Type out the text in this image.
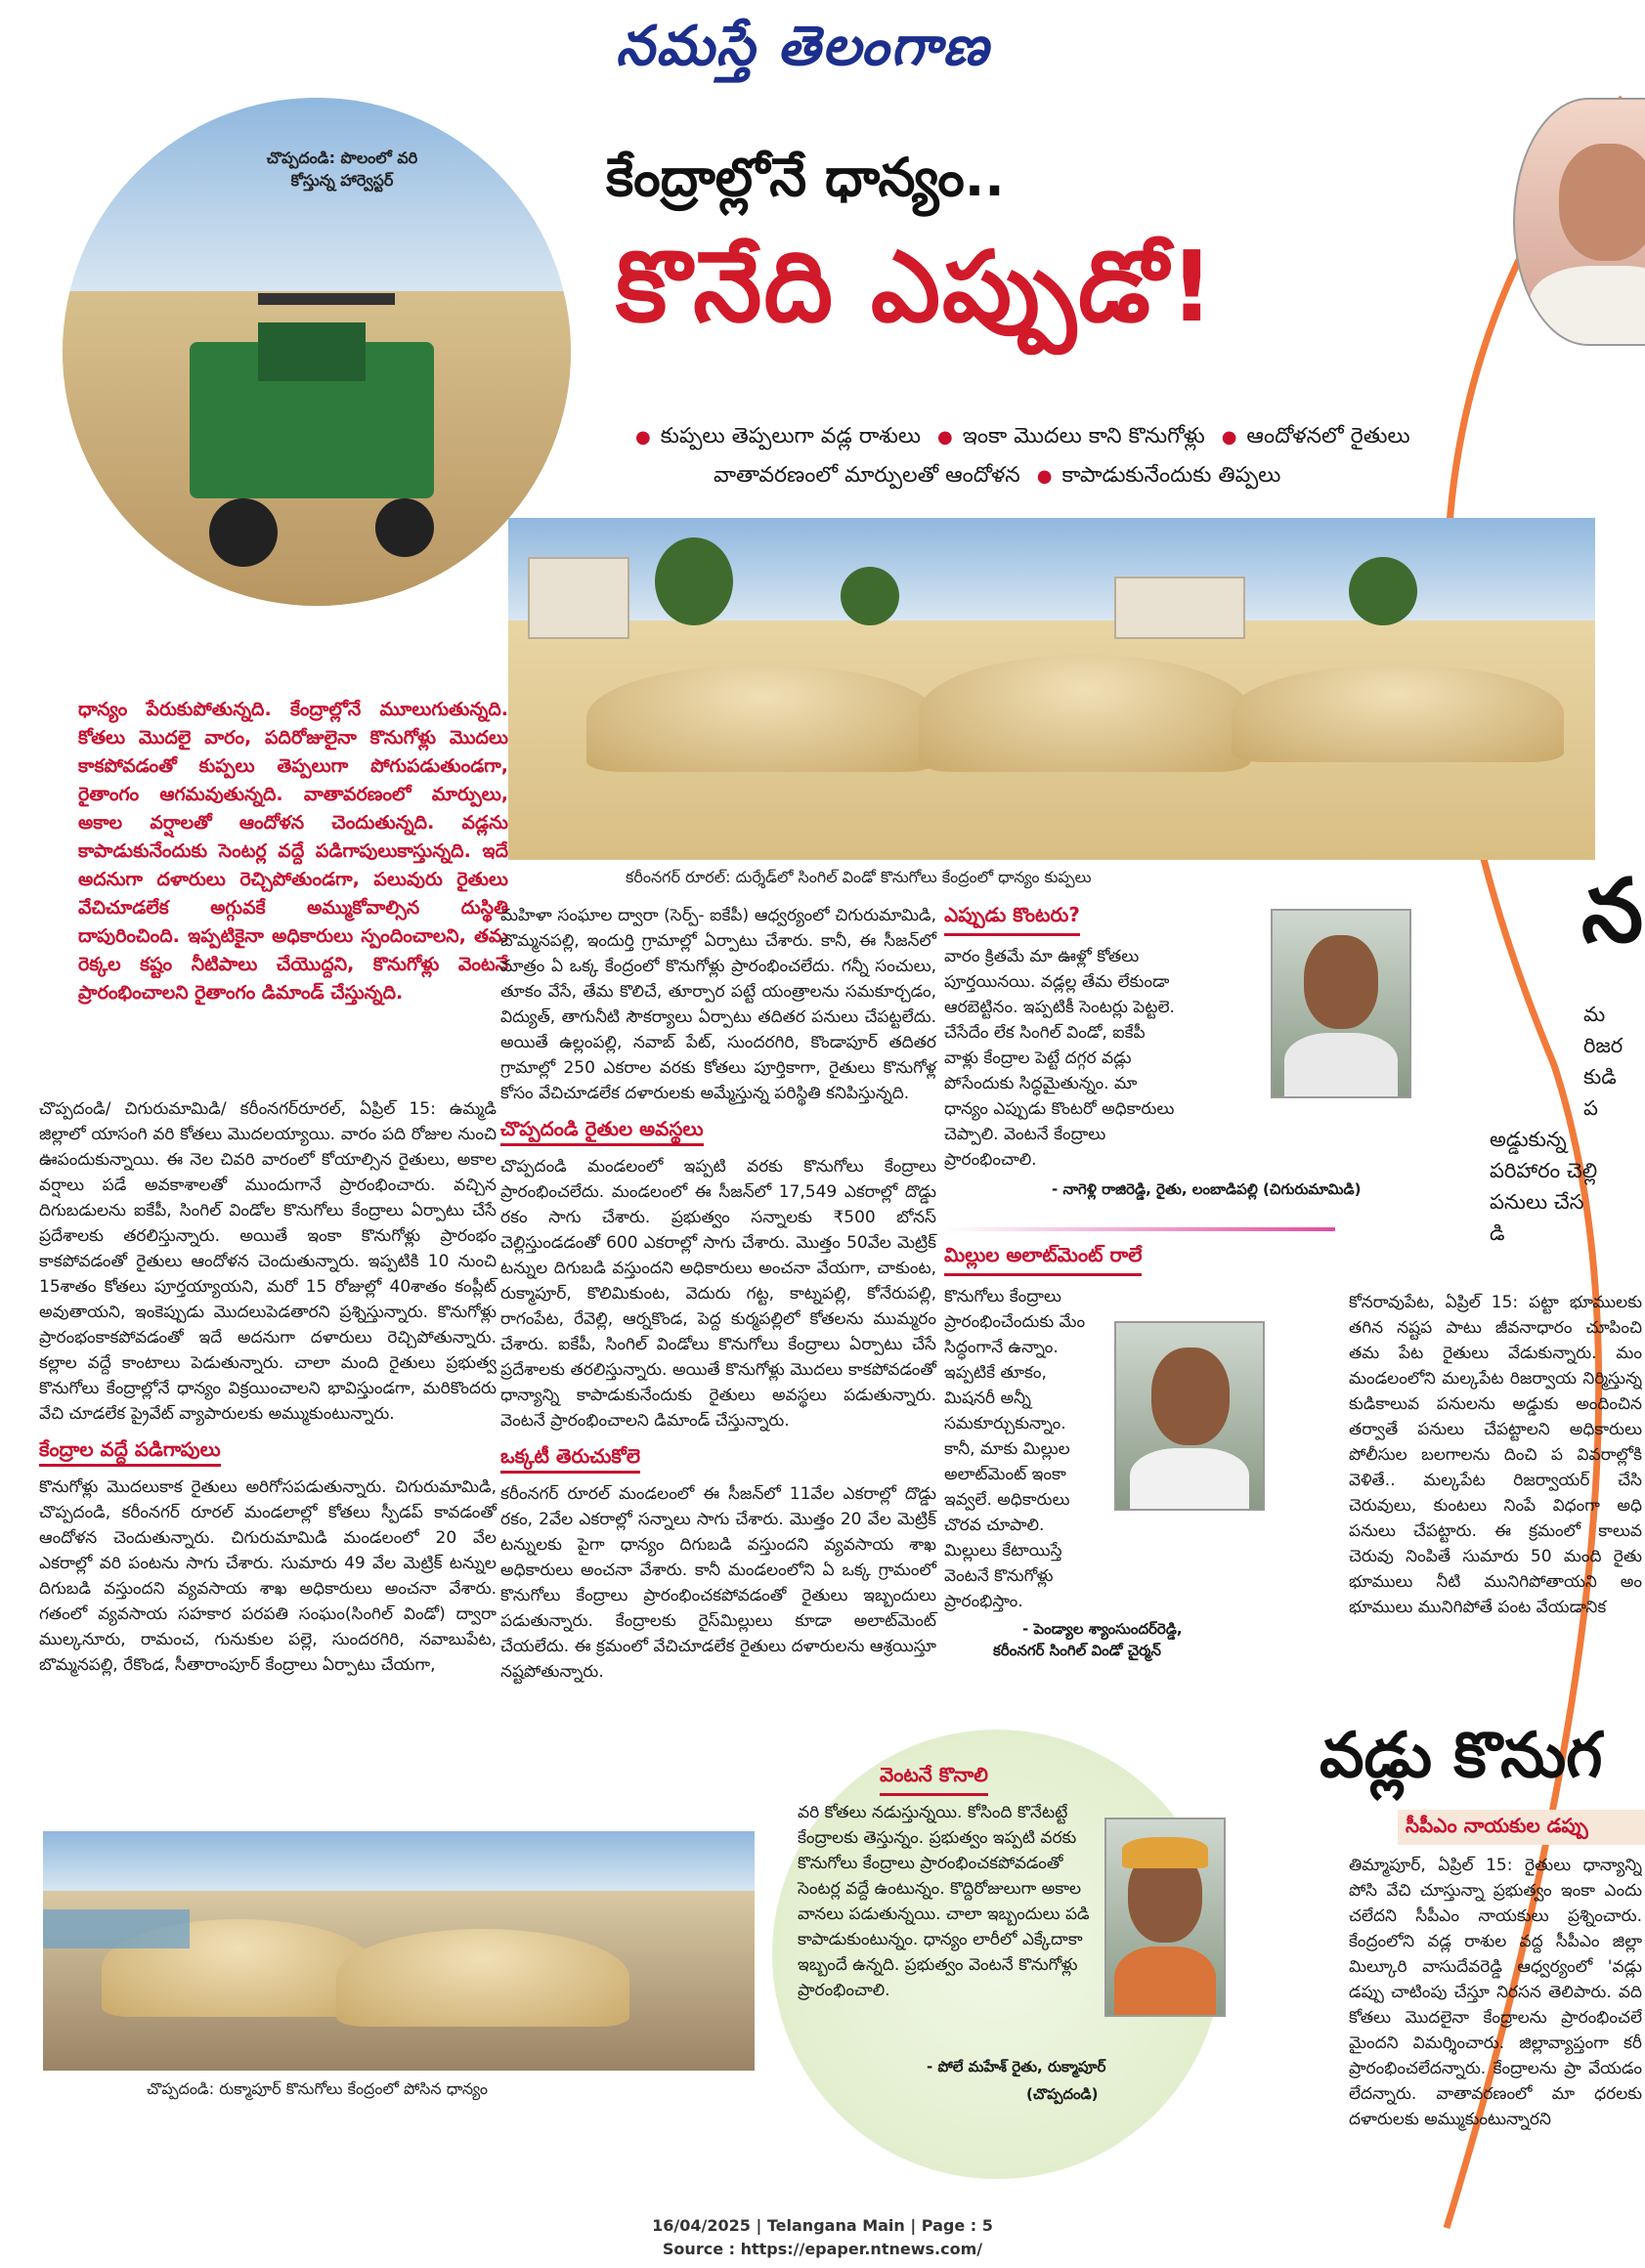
నమస్తే తెలంగాణ
చొప్పదండి: పొలంలో వరి కోస్తున్న హార్వెస్టర్	కేంద్రాల్లోనే ధాన్యం..
కొనేది ఎప్పుడో!
● కుప్పలు తెప్పలుగా వడ్ల రాశులు ● ఇంకా మొదలు కాని కొనుగోళ్లు ● ఆందోళనలో రైతులు
వాతావరణంలో మార్పులతో ఆందోళన ● కాపాడుకునేందుకు తిప్పలు
కరీంనగర్ రూరల్: దుర్శేడ్‌లో సింగిల్ విండో కొనుగోలు కేంద్రంలో ధాన్యం కుప్పలు
ధాన్యం పేరుకుపోతున్నది. కేంద్రాల్లోనే మూలుగుతున్నది. కోతలు మొదలై వారం, పదిరోజులైనా కొనుగోళ్లు మొదలు కాకపోవడంతో కుప్పలు తెప్పలుగా పోగుపడుతుండగా, రైతాంగం ఆగమవుతున్నది. వాతావరణంలో మార్పులు, అకాల వర్షాలతో ఆందోళన చెందుతున్నది. వడ్లను కాపాడుకునేందుకు సెంటర్ల వద్దే పడిగాపులుకాస్తున్నది. ఇదే అదనుగా దళారులు రెచ్చిపోతుండగా, పలువురు రైతులు వేచిచూడలేక అగ్గువకే అమ్ముకోవాల్సిన దుస్థితి దాపురించింది. ఇప్పటికైనా అధికారులు స్పందించాలని, తమ రెక్కల కష్టం నీటిపాలు చేయొద్దని, కొనుగోళ్లు వెంటనే ప్రారంభించాలని రైతాంగం డిమాండ్ చేస్తున్నది.

చొప్పదండి/ చిగురుమామిడి/ కరీంనగర్‌రూరల్, ఏప్రిల్ 15: ఉమ్మడి జిల్లాలో యాసంగి వరి కోతలు మొదలయ్యాయి. వారం పది రోజుల నుంచి ఊపందుకున్నాయి. ఈ నెల చివరి వారంలో కోయాల్సిన రైతులు, అకాల వర్షాలు పడే అవకాశాలతో ముందుగానే ప్రారంభించారు. వచ్చిన దిగుబడులను ఐకేపీ, సింగిల్ విండోల కొనుగోలు కేంద్రాలు ఏర్పాటు చేసే ప్రదేశాలకు తరలిస్తున్నారు. అయితే ఇంకా కొనుగోళ్లు ప్రారంభం కాకపోవడంతో రైతులు ఆందోళన చెందుతున్నారు. ఇప్పటికి 10 నుంచి 15శాతం కోతలు పూర్తయ్యాయని, మరో 15 రోజుల్లో 40శాతం కంప్లీట్ అవుతాయని, ఇంకెప్పుడు మొదలుపెడతారని ప్రశ్నిస్తున్నారు. కొనుగోళ్లు ప్రారంభంకాకపోవడంతో ఇదే అదనుగా దళారులు రెచ్చిపోతున్నారు. కల్లాల వద్దే కాంటాలు పెడుతున్నారు. చాలా మంది రైతులు ప్రభుత్వ కొనుగోలు కేంద్రాల్లోనే ధాన్యం విక్రయించాలని భావిస్తుండగా, మరికొందరు వేచి చూడలేక ప్రైవేట్ వ్యాపారులకు అమ్ముకుంటున్నారు.

కేంద్రాల వద్దే పడిగాపులు

కొనుగోళ్లు మొదలుకాక రైతులు అరిగోసపడుతున్నారు. చిగురుమామిడి, చొప్పదండి, కరీంనగర్ రూరల్ మండలాల్లో కోతలు స్పీడప్ కావడంతో ఆందోళన చెందుతున్నారు. చిగురుమామిడి మండలంలో 20 వేల ఎకరాల్లో వరి పంటను సాగు చేశారు. సుమారు 49 వేల మెట్రిక్ టన్నుల దిగుబడి వస్తుందని వ్యవసాయ శాఖ అధికారులు అంచనా వేశారు. గతంలో వ్యవసాయ సహకార పరపతి సంఘం(సింగిల్ విండో) ద్వారా ముల్కనూరు, రామంచ, గునుకుల పల్లె, సుందరగిరి, నవాబుపేట, బొమ్మనపల్లి, రేకొండ, సీతారాంపూర్ కేంద్రాలు ఏర్పాటు చేయగా,

మహిళా సంఘాల ద్వారా (సెర్ప్- ఐకేపీ) ఆధ్వర్యంలో చిగురుమామిడి, బొమ్మనపల్లి, ఇందుర్తి గ్రామాల్లో ఏర్పాటు చేశారు. కానీ, ఈ సీజన్‌లో మాత్రం ఏ ఒక్క కేంద్రంలో కొనుగోళ్లు ప్రారంభించలేదు. గన్నీ సంచులు, తూకం వేసే, తేమ కొలిచే, తూర్పార పట్టే యంత్రాలను సమకూర్చడం, విద్యుత్, తాగునీటి సౌకర్యాలు ఏర్పాటు తదితర పనులు చేపట్టలేదు. అయితే ఉల్లంపల్లి, నవాబ్ పేట్, సుందరగిరి, కొండాపూర్ తదితర గ్రామాల్లో 250 ఎకరాల వరకు కోతలు పూర్తికాగా, రైతులు కొనుగోళ్ల కోసం వేచిచూడలేక దళారులకు అమ్మేస్తున్న పరిస్థితి కనిపిస్తున్నది.

చొప్పదండి రైతుల అవస్థలు

చొప్పదండి మండలంలో ఇప్పటి వరకు కొనుగోలు కేంద్రాలు ప్రారంభించలేదు. మండలంలో ఈ సీజన్‌లో 17,549 ఎకరాల్లో దొడ్డు రకం సాగు చేశారు. ప్రభుత్వం సన్నాలకు ₹500 బోనస్ చెల్లిస్తుండడంతో 600 ఎకరాల్లో సాగు చేశారు. మొత్తం 50వేల మెట్రిక్ టన్నుల దిగుబడి వస్తుందని అధికారులు అంచనా వేయగా, చాకుంట, రుక్మాపూర్, కొలిమికుంట, వెదురు గట్ట, కాట్నపల్లి, కోనేరుపల్లి, రాగంపేట, రేవెల్లి, ఆర్నకొండ, పెద్ద కుర్మపల్లిలో కోతలను ముమ్మరం చేశారు. ఐకేపీ, సింగిల్ విండోలు కొనుగోలు కేంద్రాలు ఏర్పాటు చేసే ప్రదేశాలకు తరలిస్తున్నారు. అయితే కొనుగోళ్లు మొదలు కాకపోవడంతో ధాన్యాన్ని కాపాడుకునేందుకు రైతులు అవస్థలు పడుతున్నారు. వెంటనే ప్రారంభించాలని డిమాండ్ చేస్తున్నారు.

ఒక్కటీ తెరుచుకోలె

కరీంనగర్ రూరల్ మండలంలో ఈ సీజన్‌లో 11వేల ఎకరాల్లో దొడ్డు రకం, 2వేల ఎకరాల్లో సన్నాలు సాగు చేశారు. మొత్తం 20 వేల మెట్రిక్ టన్నులకు పైగా ధాన్యం దిగుబడి వస్తుందని వ్యవసాయ శాఖ అధికారులు అంచనా వేశారు. కానీ మండలంలోని ఏ ఒక్క గ్రామంలో కొనుగోలు కేంద్రాలు ప్రారంభించకపోవడంతో రైతులు ఇబ్బందులు పడుతున్నారు. కేంద్రాలకు రైస్‌మిల్లులు కూడా అలాట్‌మెంట్ చేయలేదు. ఈ క్రమంలో వేచిచూడలేక రైతులు దళారులను ఆశ్రయిస్తూ నష్టపోతున్నారు.

ఎప్పుడు కొంటరు?
వారం క్రితమే మా ఊళ్లో కోతలు పూర్తయినయి. వడ్లల్ల తేమ లేకుండా ఆరబెట్టినం. ఇప్పటికీ సెంటర్లు పెట్టలె. చేసేదేం లేక సింగిల్ విండో, ఐకేపీ వాళ్లు కేంద్రాల పెట్టే దగ్గర వడ్లు పోసేందుకు సిద్ధమైతున్నం. మా ధాన్యం ఎప్పుడు కొంటరో అధికారులు చెప్పాలి. వెంటనే కేంద్రాలు ప్రారంభించాలి.
- నాగెళ్లి రాజిరెడ్డి, రైతు, లంబాడిపల్లి (చిగురుమామిడి)
మిల్లుల అలాట్‌మెంట్ రాలే
కొనుగోలు కేంద్రాలు ప్రారంభించేందుకు మేం సిద్ధంగానే ఉన్నాం. ఇప్పటికే తూకం, మిషనరీ అన్నీ సమకూర్చుకున్నాం. కానీ, మాకు మిల్లుల అలాట్‌మెంట్ ఇంకా ఇవ్వలే. అధికారులు చొరవ చూపాలి. మిల్లులు కేటాయిస్తే వెంటనే కొనుగోళ్లు ప్రారంభిస్తాం.
- పెండ్యాల శ్యాంసుందర్‌రెడ్డి,
కరీంనగర్ సింగిల్ విండో చైర్మన్
వెంటనే కొనాలి
వరి కోతలు నడుస్తున్నయి. కోసింది కొనేటట్టే కేంద్రాలకు తెస్తున్నం. ప్రభుత్వం ఇప్పటి వరకు కొనుగోలు కేంద్రాలు ప్రారంభించకపోవడంతో సెంటర్ల వద్దే ఉంటున్నం. కొద్దిరోజులుగా అకాల వానలు పడుతున్నయి. చాలా ఇబ్బందులు పడి కాపాడుకుంటున్నం. ధాన్యం లారీలో ఎక్కేదాకా ఇబ్బందే ఉన్నది. ప్రభుత్వం వెంటనే కొనుగోళ్లు ప్రారంభించాలి.
- పోలే మహేశ్ రైతు, రుక్మాపూర్
(చొప్పదండి)
చొప్పదండి: రుక్మాపూర్ కొనుగోలు కేంద్రంలో పోసిన ధాన్యం
న
మ
రిజర
కుడి
ప
అడ్డుకున్న
పరిహారం చెల్లి
పనులు చేస
డి
కోనరావుపేట, ఏప్రిల్ 15: పట్టా భూములకు తగిన నష్టప పాటు జీవనాధారం చూపించి తమ పేట రైతులు వేడుకున్నారు. మం మండలంలోని మల్కపేట రిజర్వాయ నిర్మిస్తున్న కుడికాలువ పనులను అడ్డుకు అందించిన తర్వాతే పనులు చేపట్టాలని అధికారులు పోలీసుల బలగాలను దించి ప వివరాల్లోకి వెళితే.. మల్కపేట రిజర్వాయర్ చేసి చెరువులు, కుంటలు నింపే విధంగా అధి పనులు చేపట్టారు. ఈ క్రమంలో కాలువ చెరువు నింపితే సుమారు 50 మంది రైతు భూములు నీటి మునిగిపోతాయని అం భూములు మునిగిపోతే పంట వేయడానిక
వడ్లు కొనుగ
సీపీఎం నాయకుల డప్పు
తిమ్మాపూర్, ఏప్రిల్ 15: రైతులు ధాన్యాన్ని పోసి వేచి చూస్తున్నా ప్రభుత్వం ఇంకా ఎందు చలేదని సీపీఎం నాయకులు ప్రశ్నించారు. కేంద్రంలోని వడ్ల రాశుల వద్ద సీపీఎం జిల్లా మిల్కూరి వాసుదేవరెడ్డి ఆధ్వర్యంలో 'వడ్లు డప్పు చాటింపు చేస్తూ నిరసన తెలిపారు. వది కోతలు మొదలైనా కేంద్రాలను ప్రారంభించలే మైందని విమర్శించారు. జిల్లావ్యాప్తంగా కరీ ప్రారంభించలేదన్నారు. కేంద్రాలను ప్రా వేయడం లేదన్నారు. వాతావరణంలో మా ధరలకు దళారులకు అమ్ముకుంటున్నారని
16/04/2025 | Telangana Main | Page : 5
Source : https://epaper.ntnews.com/
